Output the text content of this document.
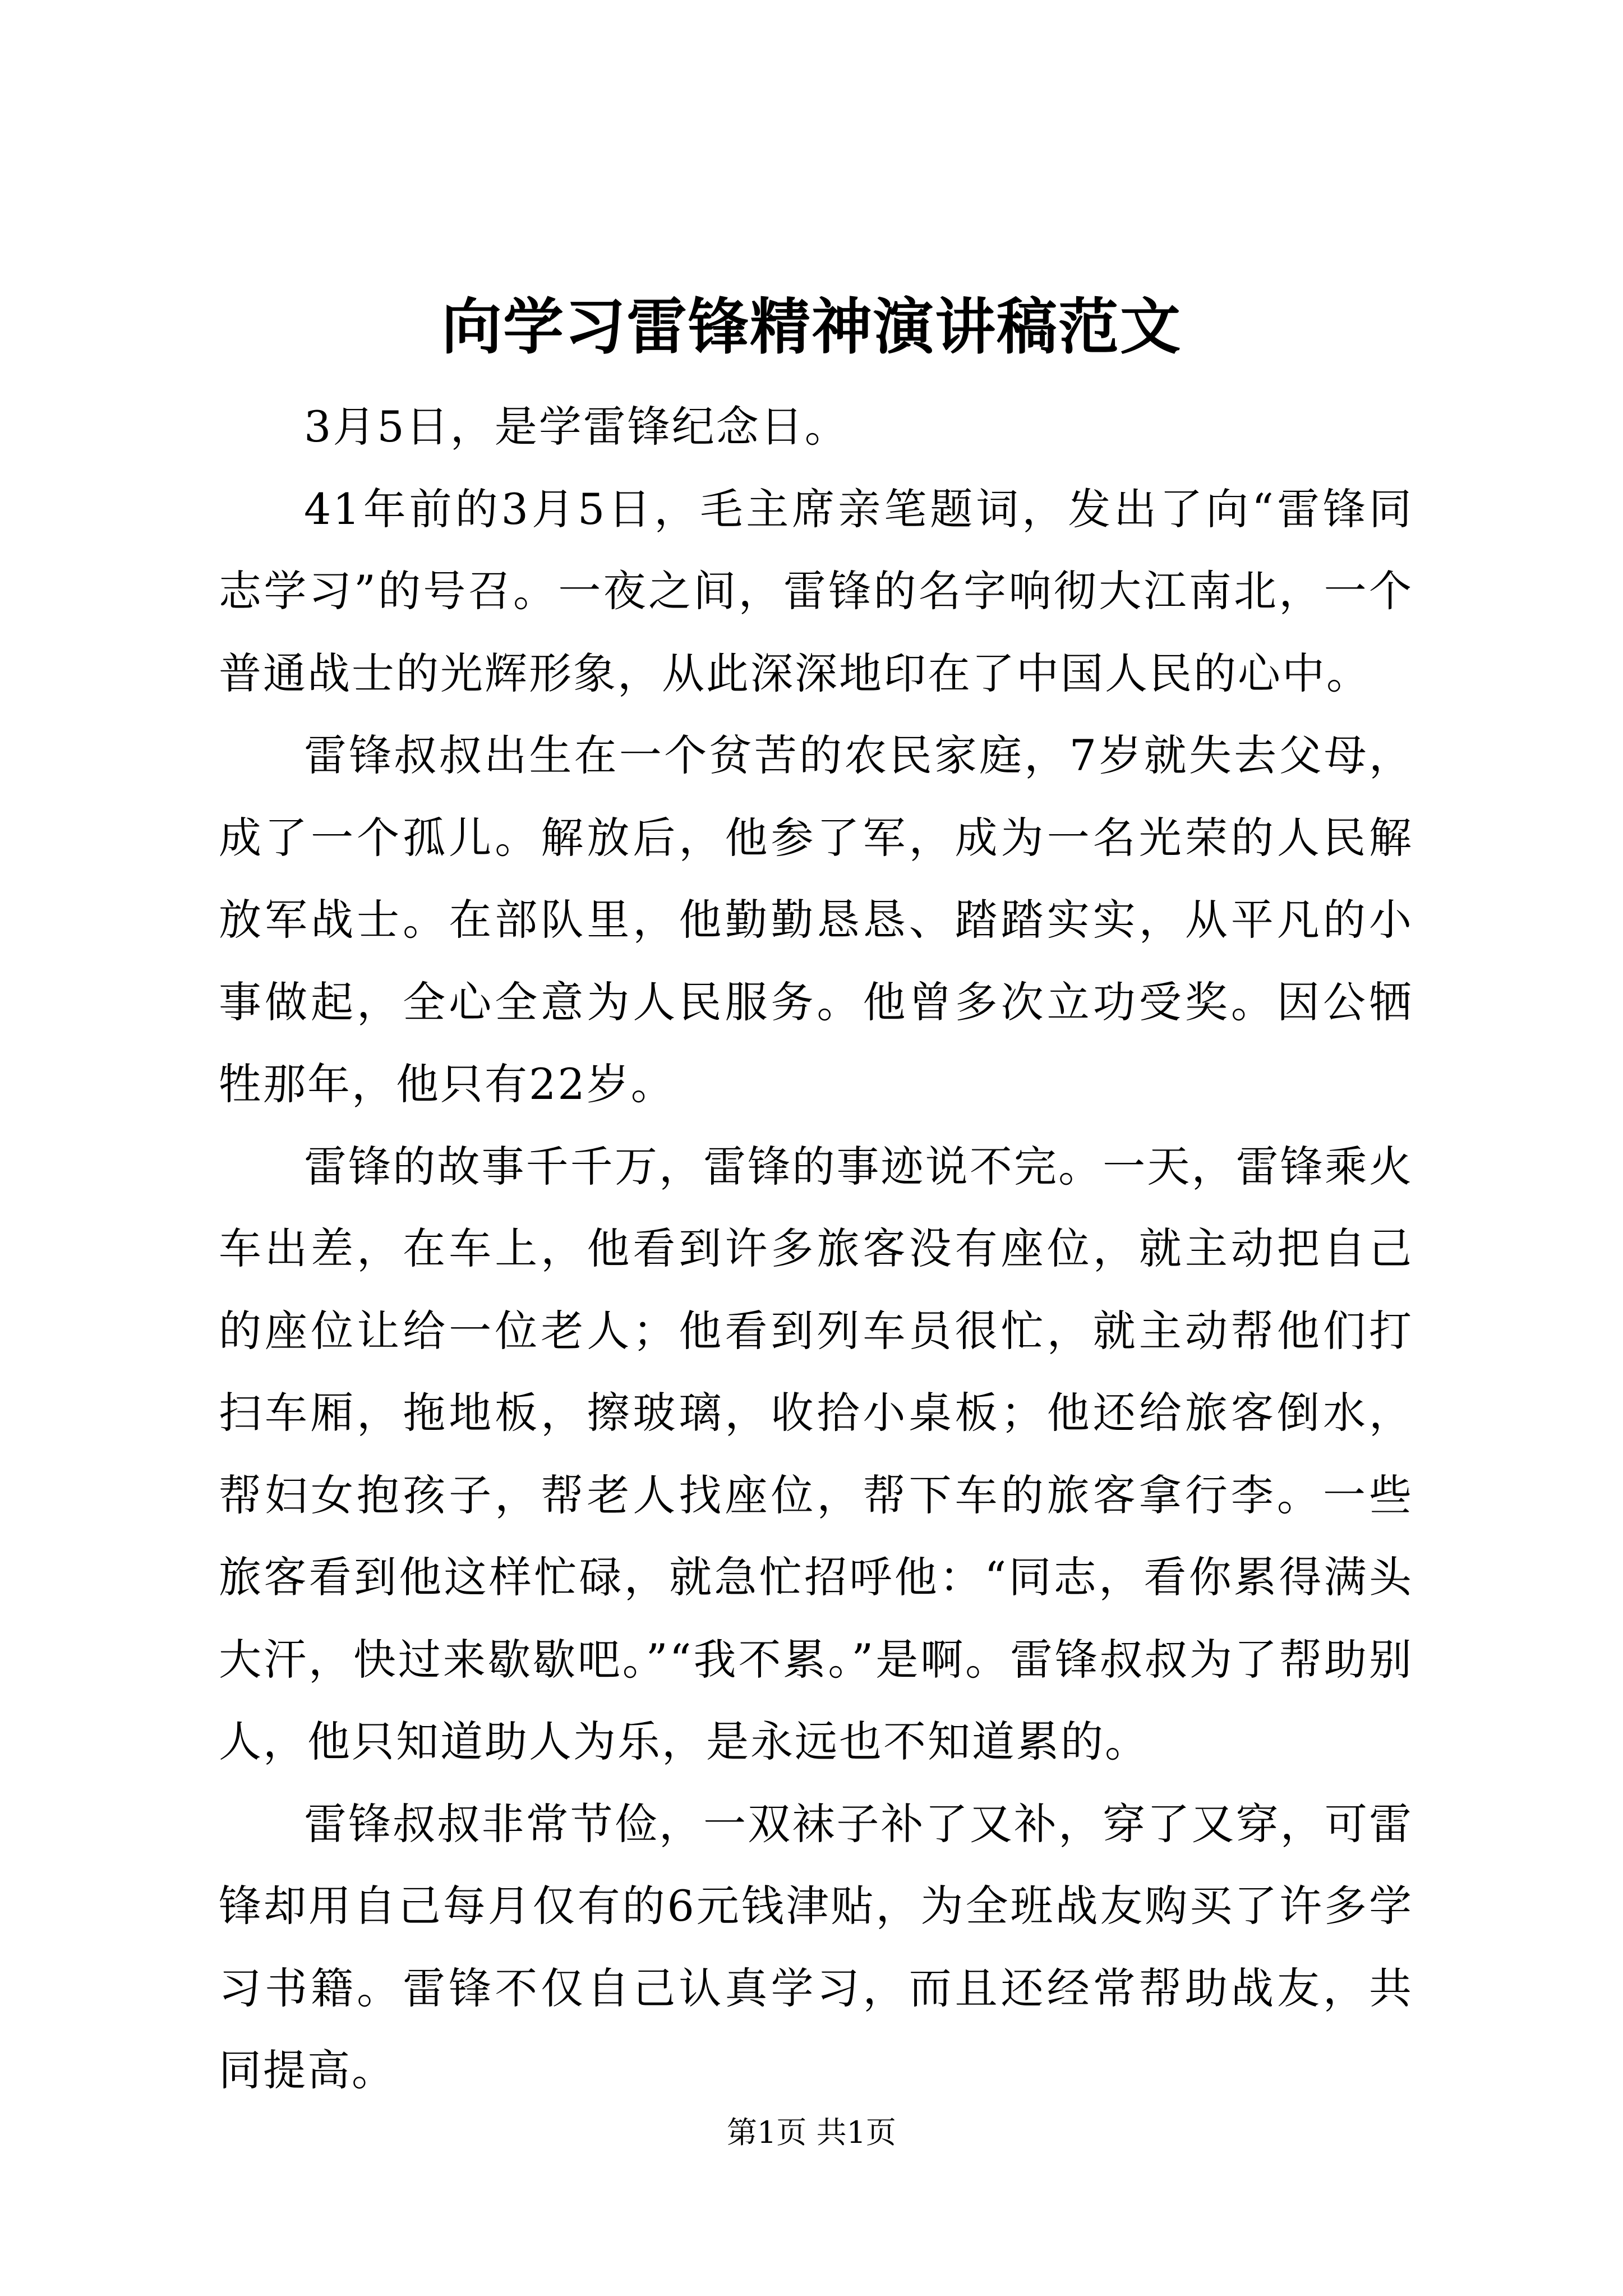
向学习雷锋精神演讲稿范文

3月5日，是学雷锋纪念日。

41年前的3月5日，毛主席亲笔题词，发出了向“雷锋同志学习”的号召。一夜之间，雷锋的名字响彻大江南北，一个普通战士的光辉形象，从此深深地印在了中国人民的心中。

雷锋叔叔出生在一个贫苦的农民家庭，7岁就失去父母，成了一个孤儿。解放后，他参了军，成为一名光荣的人民解放军战士。在部队里，他勤勤恳恳、踏踏实实，从平凡的小事做起，全心全意为人民服务。他曾多次立功受奖。因公牺牲那年，他只有22岁。

雷锋的故事千千万，雷锋的事迹说不完。一天，雷锋乘火车出差，在车上，他看到许多旅客没有座位，就主动把自己的座位让给一位老人；他看到列车员很忙，就主动帮他们打扫车厢，拖地板，擦玻璃，收拾小桌板；他还给旅客倒水，帮妇女抱孩子，帮老人找座位，帮下车的旅客拿行李。一些旅客看到他这样忙碌，就急忙招呼他：“同志，看你累得满头大汗，快过来歇歇吧。”“我不累。”是啊。雷锋叔叔为了帮助别人，他只知道助人为乐，是永远也不知道累的。

雷锋叔叔非常节俭，一双袜子补了又补，穿了又穿，可雷锋却用自己每月仅有的6元钱津贴，为全班战友购买了许多学习书籍。雷锋不仅自己认真学习，而且还经常帮助战友，共同提高。

第1页 共1页
